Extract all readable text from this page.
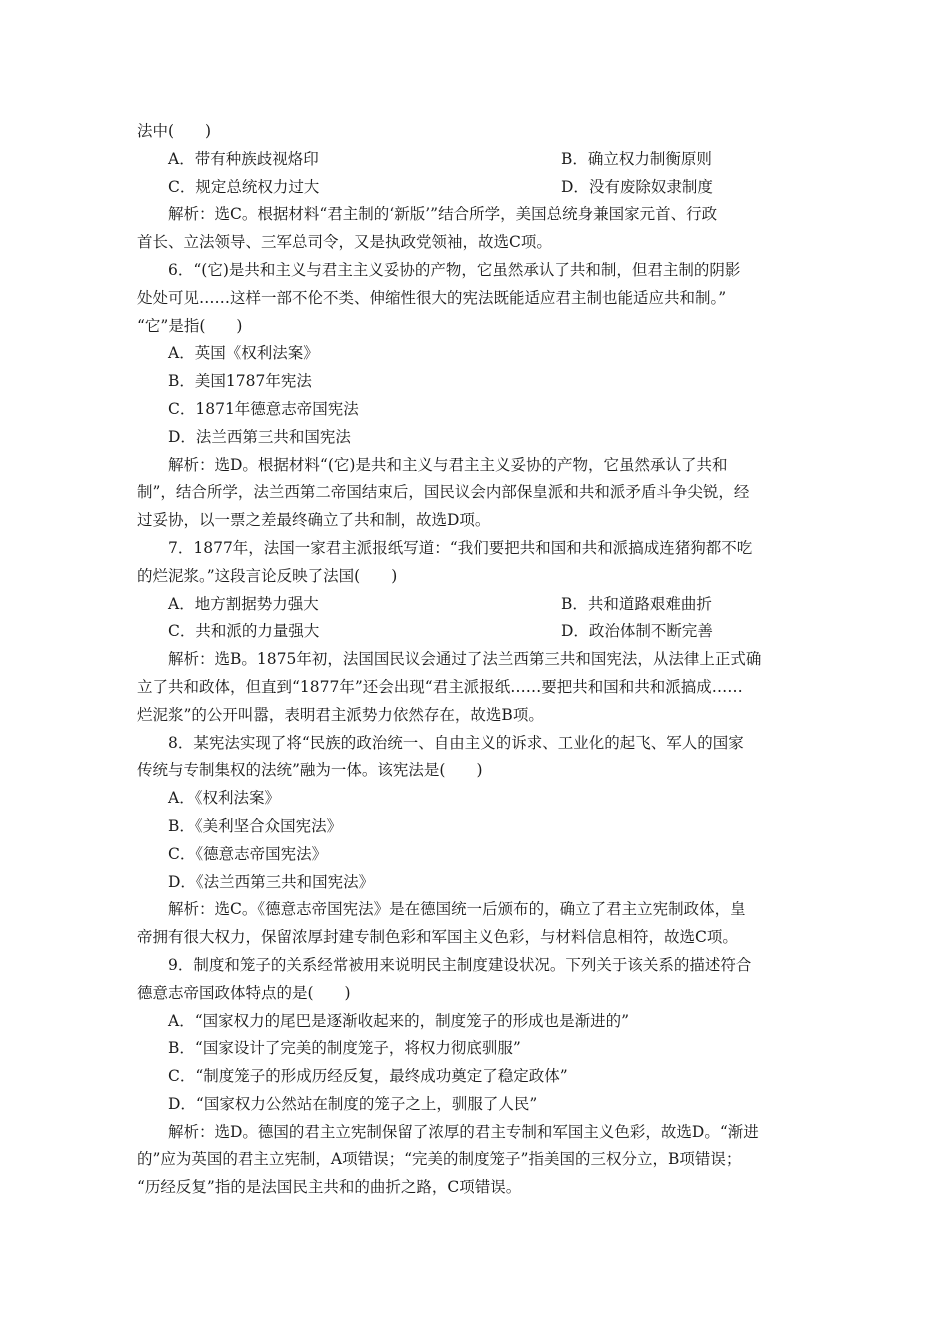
法中(　　)
A．带有种族歧视烙印	B．确立权力制衡原则
C．规定总统权力过大	D．没有废除奴隶制度
解析：选C。根据材料“君主制的‘新版’”结合所学，美国总统身兼国家元首、行政
首长、立法领导、三军总司令，又是执政党领袖，故选C项。
6．“(它)是共和主义与君主主义妥协的产物，它虽然承认了共和制，但君主制的阴影
处处可见……这样一部不伦不类、伸缩性很大的宪法既能适应君主制也能适应共和制。”
“它”是指(　　)
A．英国《权利法案》
B．美国1787年宪法
C．1871年德意志帝国宪法
D．法兰西第三共和国宪法
解析：选D。根据材料“(它)是共和主义与君主主义妥协的产物，它虽然承认了共和
制”，结合所学，法兰西第二帝国结束后，国民议会内部保皇派和共和派矛盾斗争尖锐，经
过妥协，以一票之差最终确立了共和制，故选D项。
7．1877年，法国一家君主派报纸写道：“我们要把共和国和共和派搞成连猪狗都不吃
的烂泥浆。”这段言论反映了法国(　　)
A．地方割据势力强大	B．共和道路艰难曲折
C．共和派的力量强大	D．政治体制不断完善
解析：选B。1875年初，法国国民议会通过了法兰西第三共和国宪法，从法律上正式确
立了共和政体，但直到“1877年”还会出现“君主派报纸……要把共和国和共和派搞成……
烂泥浆”的公开叫嚣，表明君主派势力依然存在，故选B项。
8．某宪法实现了将“民族的政治统一、自由主义的诉求、工业化的起飞、军人的国家
传统与专制集权的法统”融为一体。该宪法是(　　)
A．《权利法案》
B．《美利坚合众国宪法》
C．《德意志帝国宪法》
D．《法兰西第三共和国宪法》
解析：选C。《德意志帝国宪法》是在德国统一后颁布的，确立了君主立宪制政体，皇
帝拥有很大权力，保留浓厚封建专制色彩和军国主义色彩，与材料信息相符，故选C项。
9．制度和笼子的关系经常被用来说明民主制度建设状况。下列关于该关系的描述符合
德意志帝国政体特点的是(　　)
A．“国家权力的尾巴是逐渐收起来的，制度笼子的形成也是渐进的”
B．“国家设计了完美的制度笼子，将权力彻底驯服”
C．“制度笼子的形成历经反复，最终成功奠定了稳定政体”
D．“国家权力公然站在制度的笼子之上，驯服了人民”
解析：选D。德国的君主立宪制保留了浓厚的君主专制和军国主义色彩，故选D。“渐进
的”应为英国的君主立宪制，A项错误；“完美的制度笼子”指美国的三权分立，B项错误；
“历经反复”指的是法国民主共和的曲折之路，C项错误。
